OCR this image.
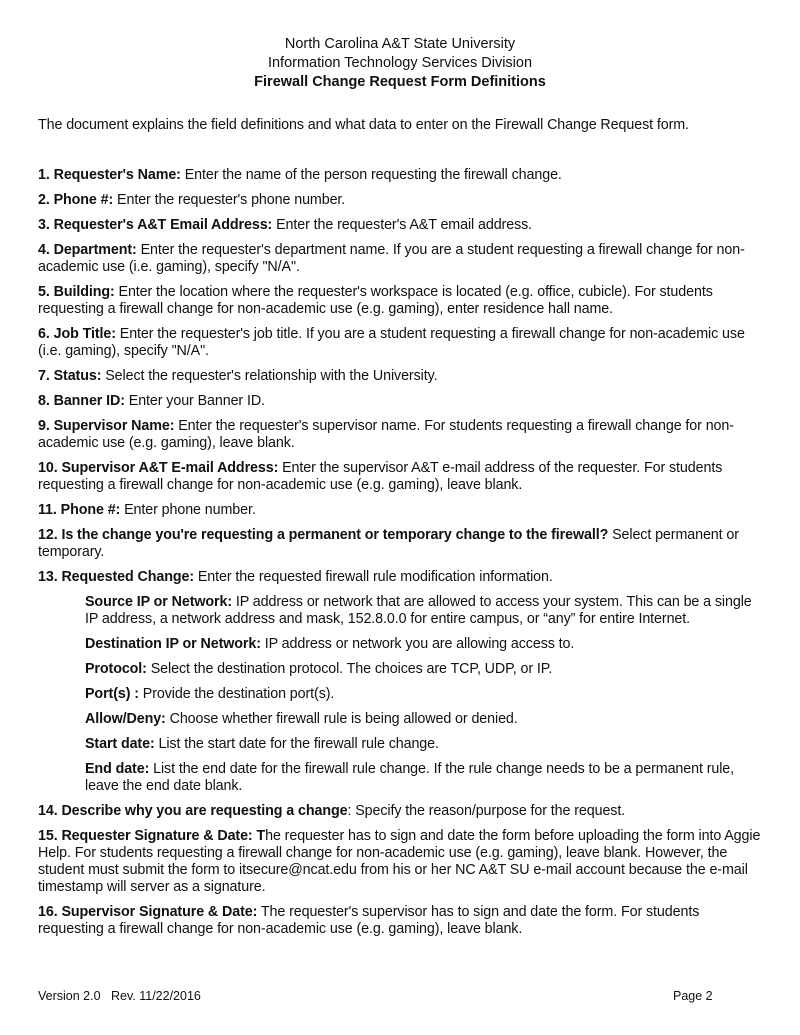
North Carolina A&T State University
Information Technology Services Division
Firewall Change Request Form Definitions
The document explains the field definitions and what data to enter on the Firewall Change Request form.

1. Requester's Name: Enter the name of the person requesting the firewall change.

2. Phone #: Enter the requester's phone number.

3. Requester's A&T Email Address: Enter the requester's A&T email address.

4. Department: Enter the requester's department name. If you are a student requesting a firewall change for non-academic use (i.e. gaming), specify "N/A".

5. Building: Enter the location where the requester's workspace is located (e.g. office, cubicle). For students requesting a firewall change for non-academic use (e.g. gaming), enter residence hall name.

6. Job Title: Enter the requester's job title. If you are a student requesting a firewall change for non-academic use (i.e. gaming), specify "N/A".

7. Status: Select the requester's relationship with the University.

8. Banner ID: Enter your Banner ID.

9. Supervisor Name: Enter the requester's supervisor name. For students requesting a firewall change for non-academic use (e.g. gaming), leave blank.

10. Supervisor A&T E-mail Address: Enter the supervisor A&T e-mail address of the requester. For students requesting a firewall change for non-academic use (e.g. gaming), leave blank.

11. Phone #: Enter phone number.

12. Is the change you're requesting a permanent or temporary change to the firewall? Select permanent or temporary.

13. Requested Change: Enter the requested firewall rule modification information.

Source IP or Network: IP address or network that are allowed to access your system. This can be a single IP address, a network address and mask, 152.8.0.0 for entire campus, or “any” for entire Internet.

Destination IP or Network: IP address or network you are allowing access to.

Protocol: Select the destination protocol. The choices are TCP, UDP, or IP.

Port(s) : Provide the destination port(s).

Allow/Deny: Choose whether firewall rule is being allowed or denied.

Start date: List the start date for the firewall rule change.

End date: List the end date for the firewall rule change. If the rule change needs to be a permanent rule, leave the end date blank.

14. Describe why you are requesting a change: Specify the reason/purpose for the request.

15. Requester Signature & Date: The requester has to sign and date the form before uploading the form into Aggie Help. For students requesting a firewall change for non-academic use (e.g. gaming), leave blank. However, the student must submit the form to itsecure@ncat.edu from his or her NC A&T SU e-mail account because the e-mail timestamp will server as a signature.

16. Supervisor Signature & Date: The requester's supervisor has to sign and date the form. For students requesting a firewall change for non-academic use (e.g. gaming), leave blank.

Version 2.0 Rev. 11/22/2016	Page 2
